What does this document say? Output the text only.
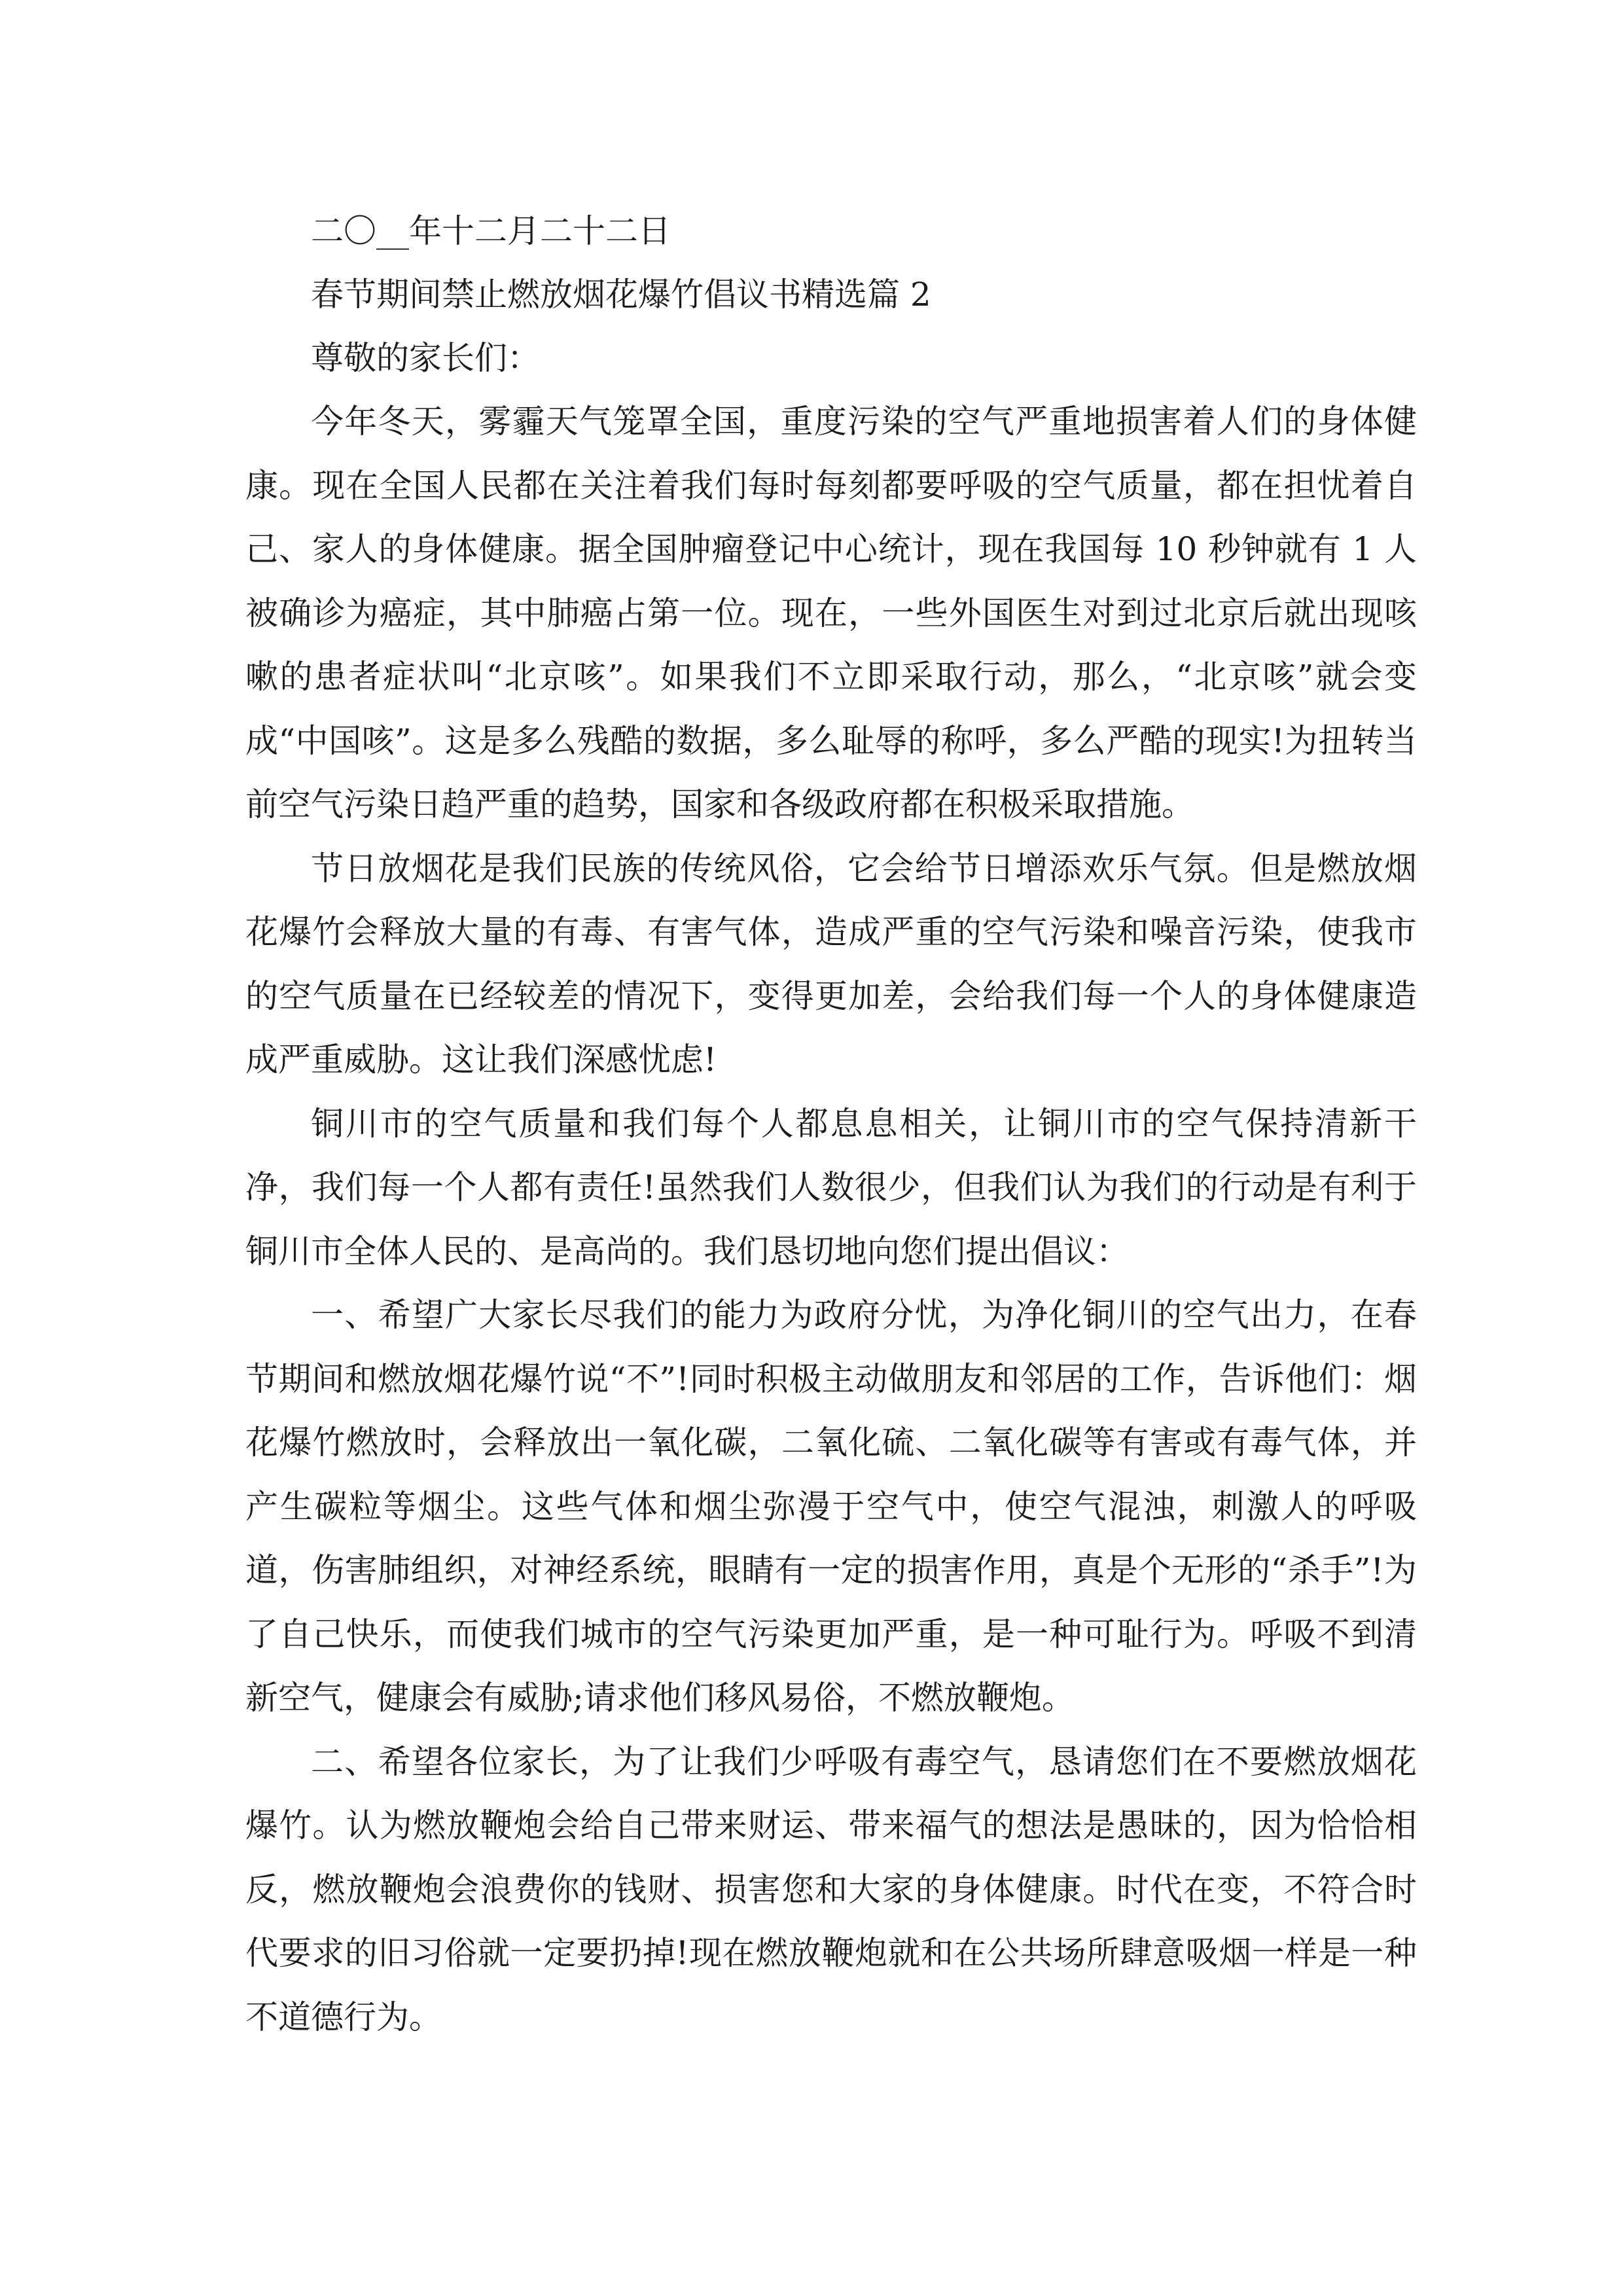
二〇__年十二月二十二日
春节期间禁止燃放烟花爆竹倡议书精选篇 2
尊敬的家长们：

今年冬天，雾霾天气笼罩全国，重度污染的空气严重地损害着人们的身体健康。现在全国人民都在关注着我们每时每刻都要呼吸的空气质量，都在担忧着自己、家人的身体健康。据全国肿瘤登记中心统计，现在我国每 10 秒钟就有 1 人被确诊为癌症，其中肺癌占第一位。现在，一些外国医生对到过北京后就出现咳嗽的患者症状叫“北京咳”。如果我们不立即采取行动，那么，“北京咳”就会变成“中国咳”。这是多么残酷的数据，多么耻辱的称呼，多么严酷的现实!为扭转当前空气污染日趋严重的趋势，国家和各级政府都在积极采取措施。

节日放烟花是我们民族的传统风俗，它会给节日增添欢乐气氛。但是燃放烟花爆竹会释放大量的有毒、有害气体，造成严重的空气污染和噪音污染，使我市的空气质量在已经较差的情况下，变得更加差，会给我们每一个人的身体健康造成严重威胁。这让我们深感忧虑!

铜川市的空气质量和我们每个人都息息相关，让铜川市的空气保持清新干净，我们每一个人都有责任!虽然我们人数很少，但我们认为我们的行动是有利于铜川市全体人民的、是高尚的。我们恳切地向您们提出倡议：

一、希望广大家长尽我们的能力为政府分忧，为净化铜川的空气出力，在春节期间和燃放烟花爆竹说“不”!同时积极主动做朋友和邻居的工作，告诉他们：烟花爆竹燃放时，会释放出一氧化碳，二氧化硫、二氧化碳等有害或有毒气体，并产生碳粒等烟尘。这些气体和烟尘弥漫于空气中，使空气混浊，刺激人的呼吸道，伤害肺组织，对神经系统，眼睛有一定的损害作用，真是个无形的“杀手”!为了自己快乐，而使我们城市的空气污染更加严重，是一种可耻行为。呼吸不到清新空气，健康会有威胁;请求他们移风易俗，不燃放鞭炮。

二、希望各位家长，为了让我们少呼吸有毒空气，恳请您们在不要燃放烟花爆竹。认为燃放鞭炮会给自己带来财运、带来福气的想法是愚昧的，因为恰恰相反，燃放鞭炮会浪费你的钱财、损害您和大家的身体健康。时代在变，不符合时代要求的旧习俗就一定要扔掉!现在燃放鞭炮就和在公共场所肆意吸烟一样是一种不道德行为。
